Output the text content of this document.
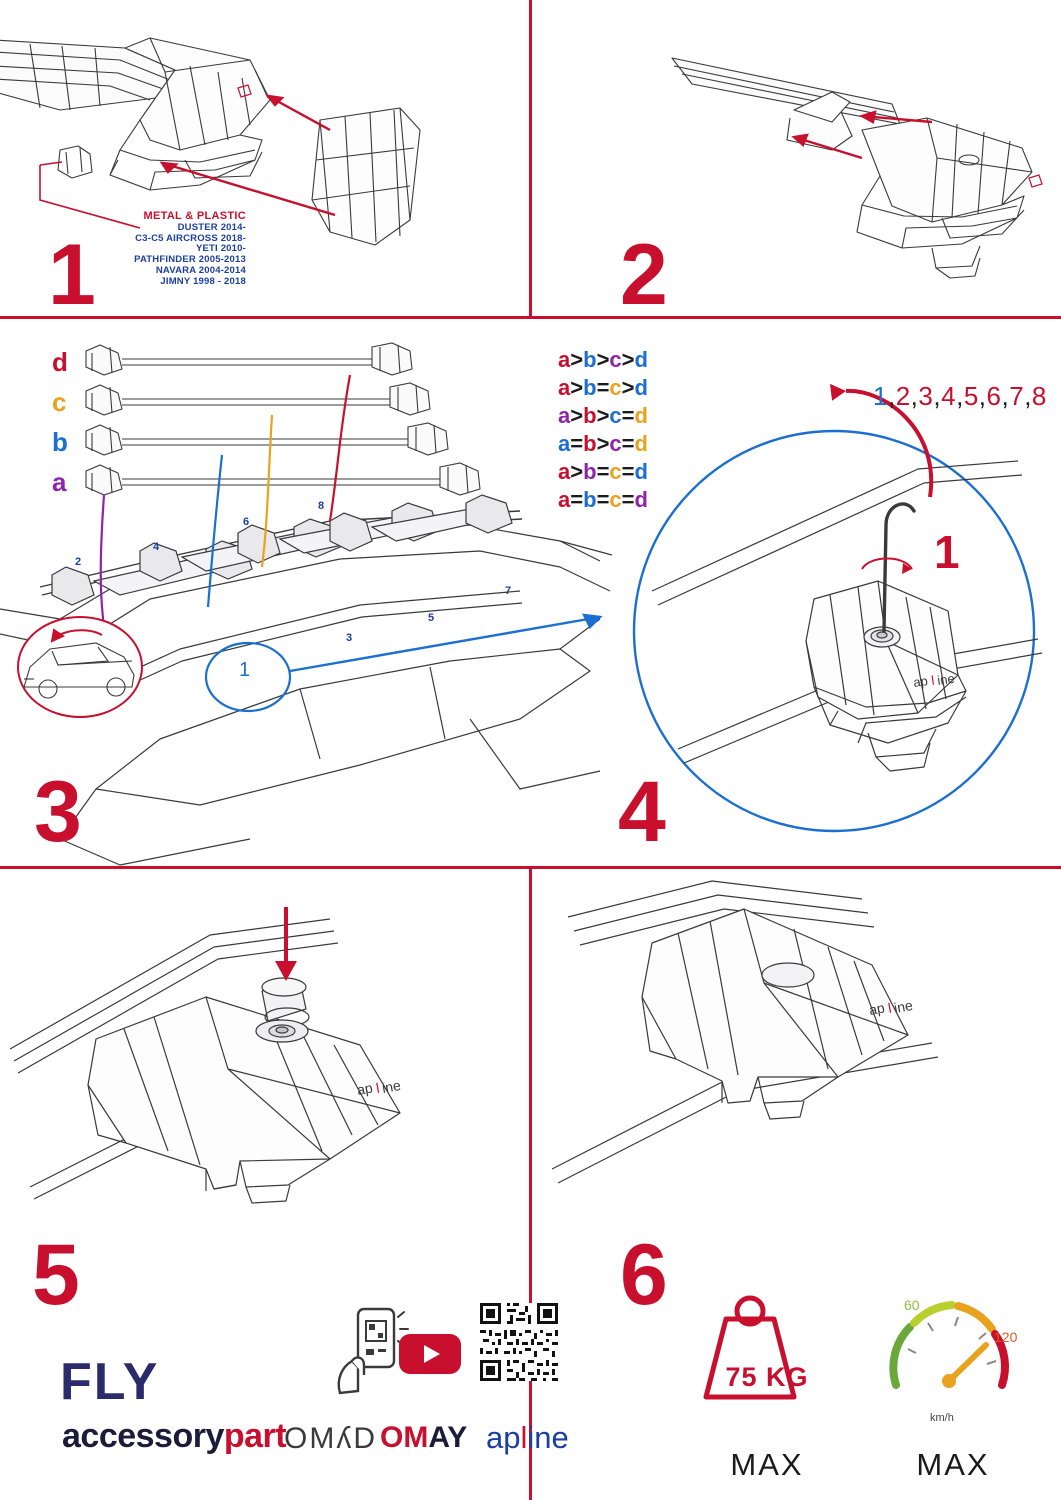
METAL & PLASTIC
DUSTER 2014-
C3-C5 AIRCROSS 2018-
YETI 2010-
PATHFINDER 2005-2013
NAVARA 2004-2014
JIMNY 1998 - 2018
1	2
d
c
b
a
2
4
6
8
7
5
3
1
a>b>c>d
a>b=c>d
a>b>c=d
a=b>c=d
a>b=c=d
a=b=c=d
3
ap l ine
1,2,3,4,5,6,7,8
1
4
ap l ine
5
FLY
accessorypart
OMʎD OMAY apline
ap l ine
6
75 KG
MAX	MAX
km/h
60
120
